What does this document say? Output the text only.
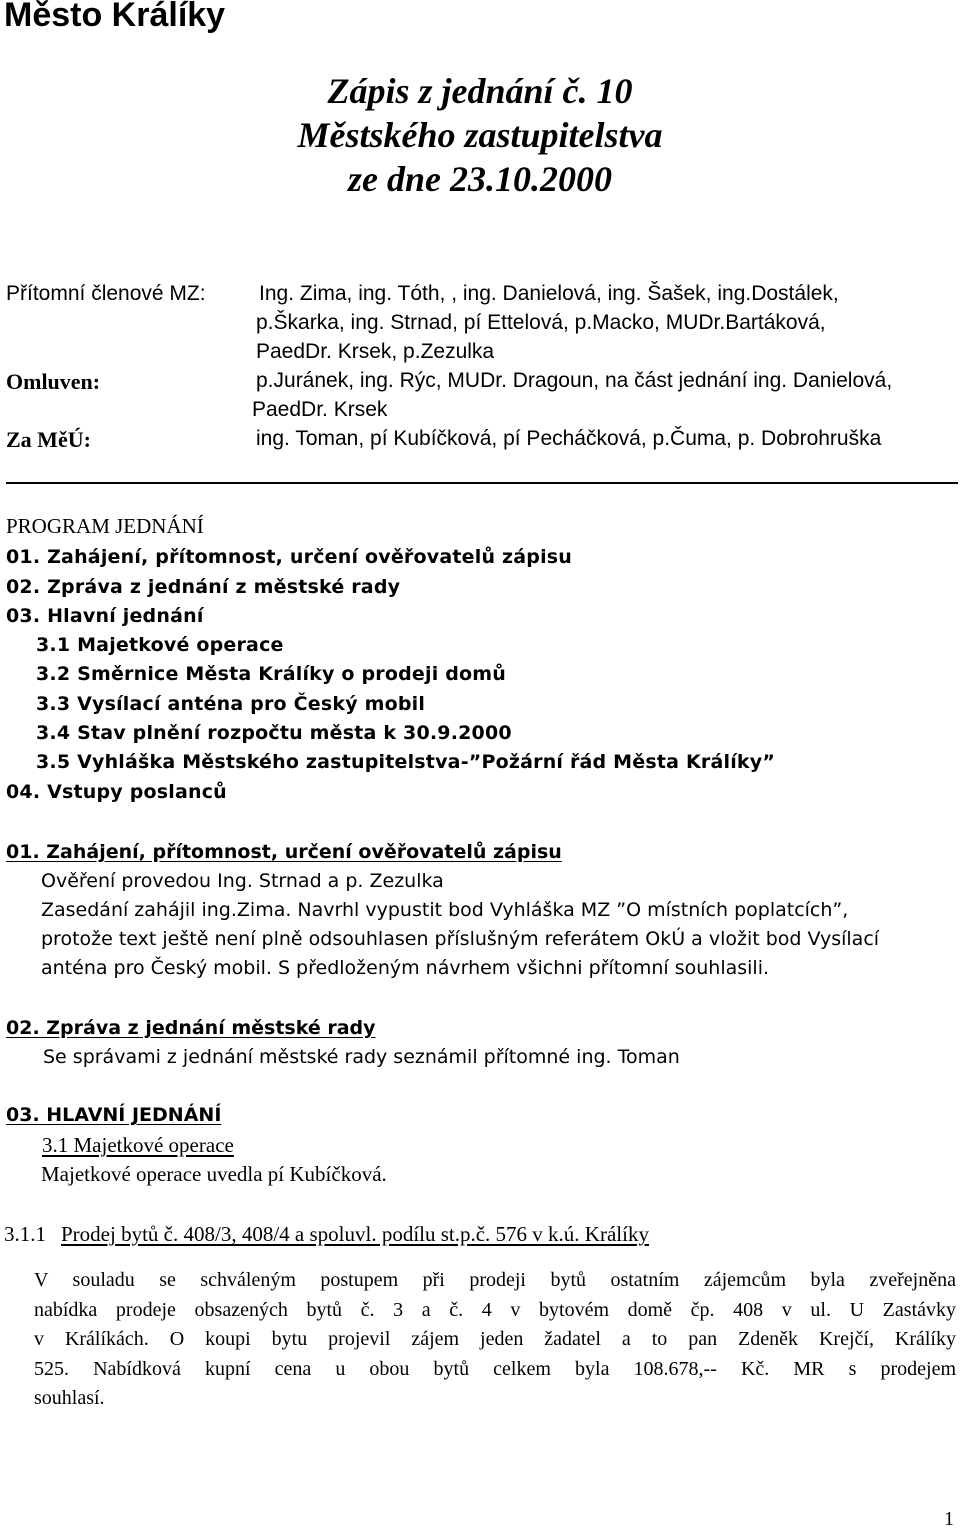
Město Králíky
Zápis z jednání č. 10
Městského zastupitelstva
ze dne 23.10.2000
Přítomní členové MZ:	Ing. Zima, ing. Tóth, , ing. Danielová, ing. Šašek, ing.Dostálek,
p.Škarka, ing. Strnad, pí Ettelová, p.Macko, MUDr.Bartáková,
PaedDr. Krsek, p.Zezulka
Omluven:	p.Juránek, ing. Rýc, MUDr. Dragoun, na část jednání ing. Danielová,
PaedDr. Krsek
Za MěÚ:	ing. Toman, pí Kubíčková, pí Pecháčková, p.Čuma, p. Dobrohruška
PROGRAM JEDNÁNÍ
01. Zahájení, přítomnost, určení ověřovatelů zápisu
02. Zpráva z jednání z městské rady
03. Hlavní jednání
3.1 Majetkové operace
3.2 Směrnice Města Králíky o prodeji domů
3.3 Vysílací anténa pro Český mobil
3.4 Stav plnění rozpočtu města k 30.9.2000
3.5 Vyhláška Městského zastupitelstva-”Požární řád Města Králíky”
04. Vstupy poslanců
01. Zahájení, přítomnost, určení ověřovatelů zápisu
Ověření provedou Ing. Strnad a p. Zezulka
Zasedání zahájil ing.Zima. Navrhl vypustit bod Vyhláška MZ ”O místních poplatcích”,
protože text ještě není plně odsouhlasen příslušným referátem OkÚ a vložit bod Vysílací
anténa pro Český mobil. S předloženým návrhem všichni přítomní souhlasili.
02. Zpráva z jednání městské rady
Se správami z jednání městské rady seznámil přítomné ing. Toman
03. HLAVNÍ JEDNÁNÍ
3.1 Majetkové operace
Majetkové operace uvedla pí Kubíčková.
3.1.1 Prodej bytů č. 408/3, 408/4 a spoluvl. podílu st.p.č. 576 v k.ú. Králíky
V souladu se schváleným postupem při prodeji bytů ostatním zájemcům byla zveřejněna
nabídka prodeje obsazených bytů č. 3 a č. 4 v bytovém domě čp. 408 v ul. U Zastávky
v Králíkách. O koupi bytu projevil zájem jeden žadatel a to pan Zdeněk Krejčí, Králíky
525. Nabídková kupní cena u obou bytů celkem byla 108.678,-- Kč. MR s prodejem
souhlasí.
1
